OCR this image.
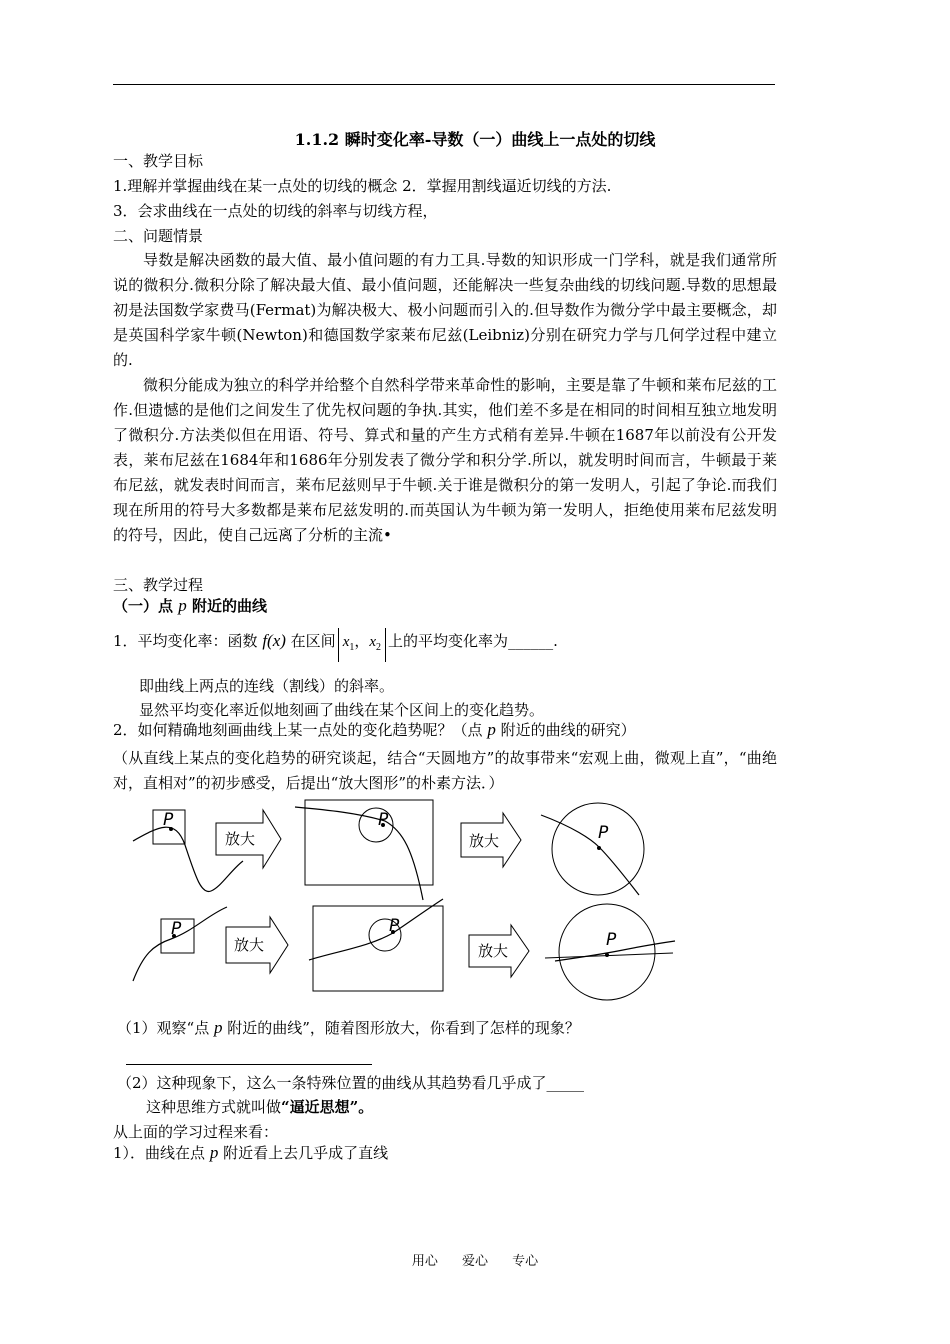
1.1.2 瞬时变化率-导数（一）曲线上一点处的切线
一、教学目标
1.理解并掌握曲线在某一点处的切线的概念 2．掌握用割线逼近切线的方法.
3．会求曲线在一点处的切线的斜率与切线方程，
二、问题情景
导数是解决函数的最大值、最小值问题的有力工具.导数的知识形成一门学科，就是我们通常所说的微积分.微积分除了解决最大值、最小值问题，还能解决一些复杂曲线的切线问题.导数的思想最初是法国数学家费马(Fermat)为解决极大、极小问题而引入的.但导数作为微分学中最主要概念，却是英国科学家牛顿(Newton)和德国数学家莱布尼兹(Leibniz)分别在研究力学与几何学过程中建立的.
微积分能成为独立的科学并给整个自然科学带来革命性的影响，主要是靠了牛顿和莱布尼兹的工作.但遗憾的是他们之间发生了优先权问题的争执.其实，他们差不多是在相同的时间相互独立地发明了微积分.方法类似但在用语、符号、算式和量的产生方式稍有差异.牛顿在1687年以前没有公开发表，莱布尼兹在1684年和1686年分别发表了微分学和积分学.所以，就发明时间而言，牛顿最于莱布尼兹，就发表时间而言，莱布尼兹则早于牛顿.关于谁是微积分的第一发明人，引起了争论.而我们现在所用的符号大多数都是莱布尼兹发明的.而英国认为牛顿为第一发明人，拒绝使用莱布尼兹发明的符号，因此，使自己远离了分析的主流•
三、教学过程
（一）点 p 附近的曲线
1．平均变化率：函数 f(x) 在区间 $x_1$，$x_2$ 上的平均变化率为______.
即曲线上两点的连线（割线）的斜率。
显然平均变化率近似地刻画了曲线在某个区间上的变化趋势。
2．如何精确地刻画曲线上某一点处的变化趋势呢？（点 p 附近的曲线的研究）
（从直线上某点的变化趋势的研究谈起，结合“天圆地方”的故事带来“宏观上曲，微观上直”，“曲绝对，直相对”的初步感受，后提出“放大图形”的朴素方法．）
P
放大
P
放大	P
P
放大
P
放大
P
（1）观察“点 p 附近的曲线”，随着图形放大，你看到了怎样的现象？
（2）这种现象下，这么一条特殊位置的曲线从其趋势看几乎成了_____
这种思维方式就叫做“逼近思想”。
从上面的学习过程来看：
1）．曲线在点 p 附近看上去几乎成了直线
用心 爱心 专心
